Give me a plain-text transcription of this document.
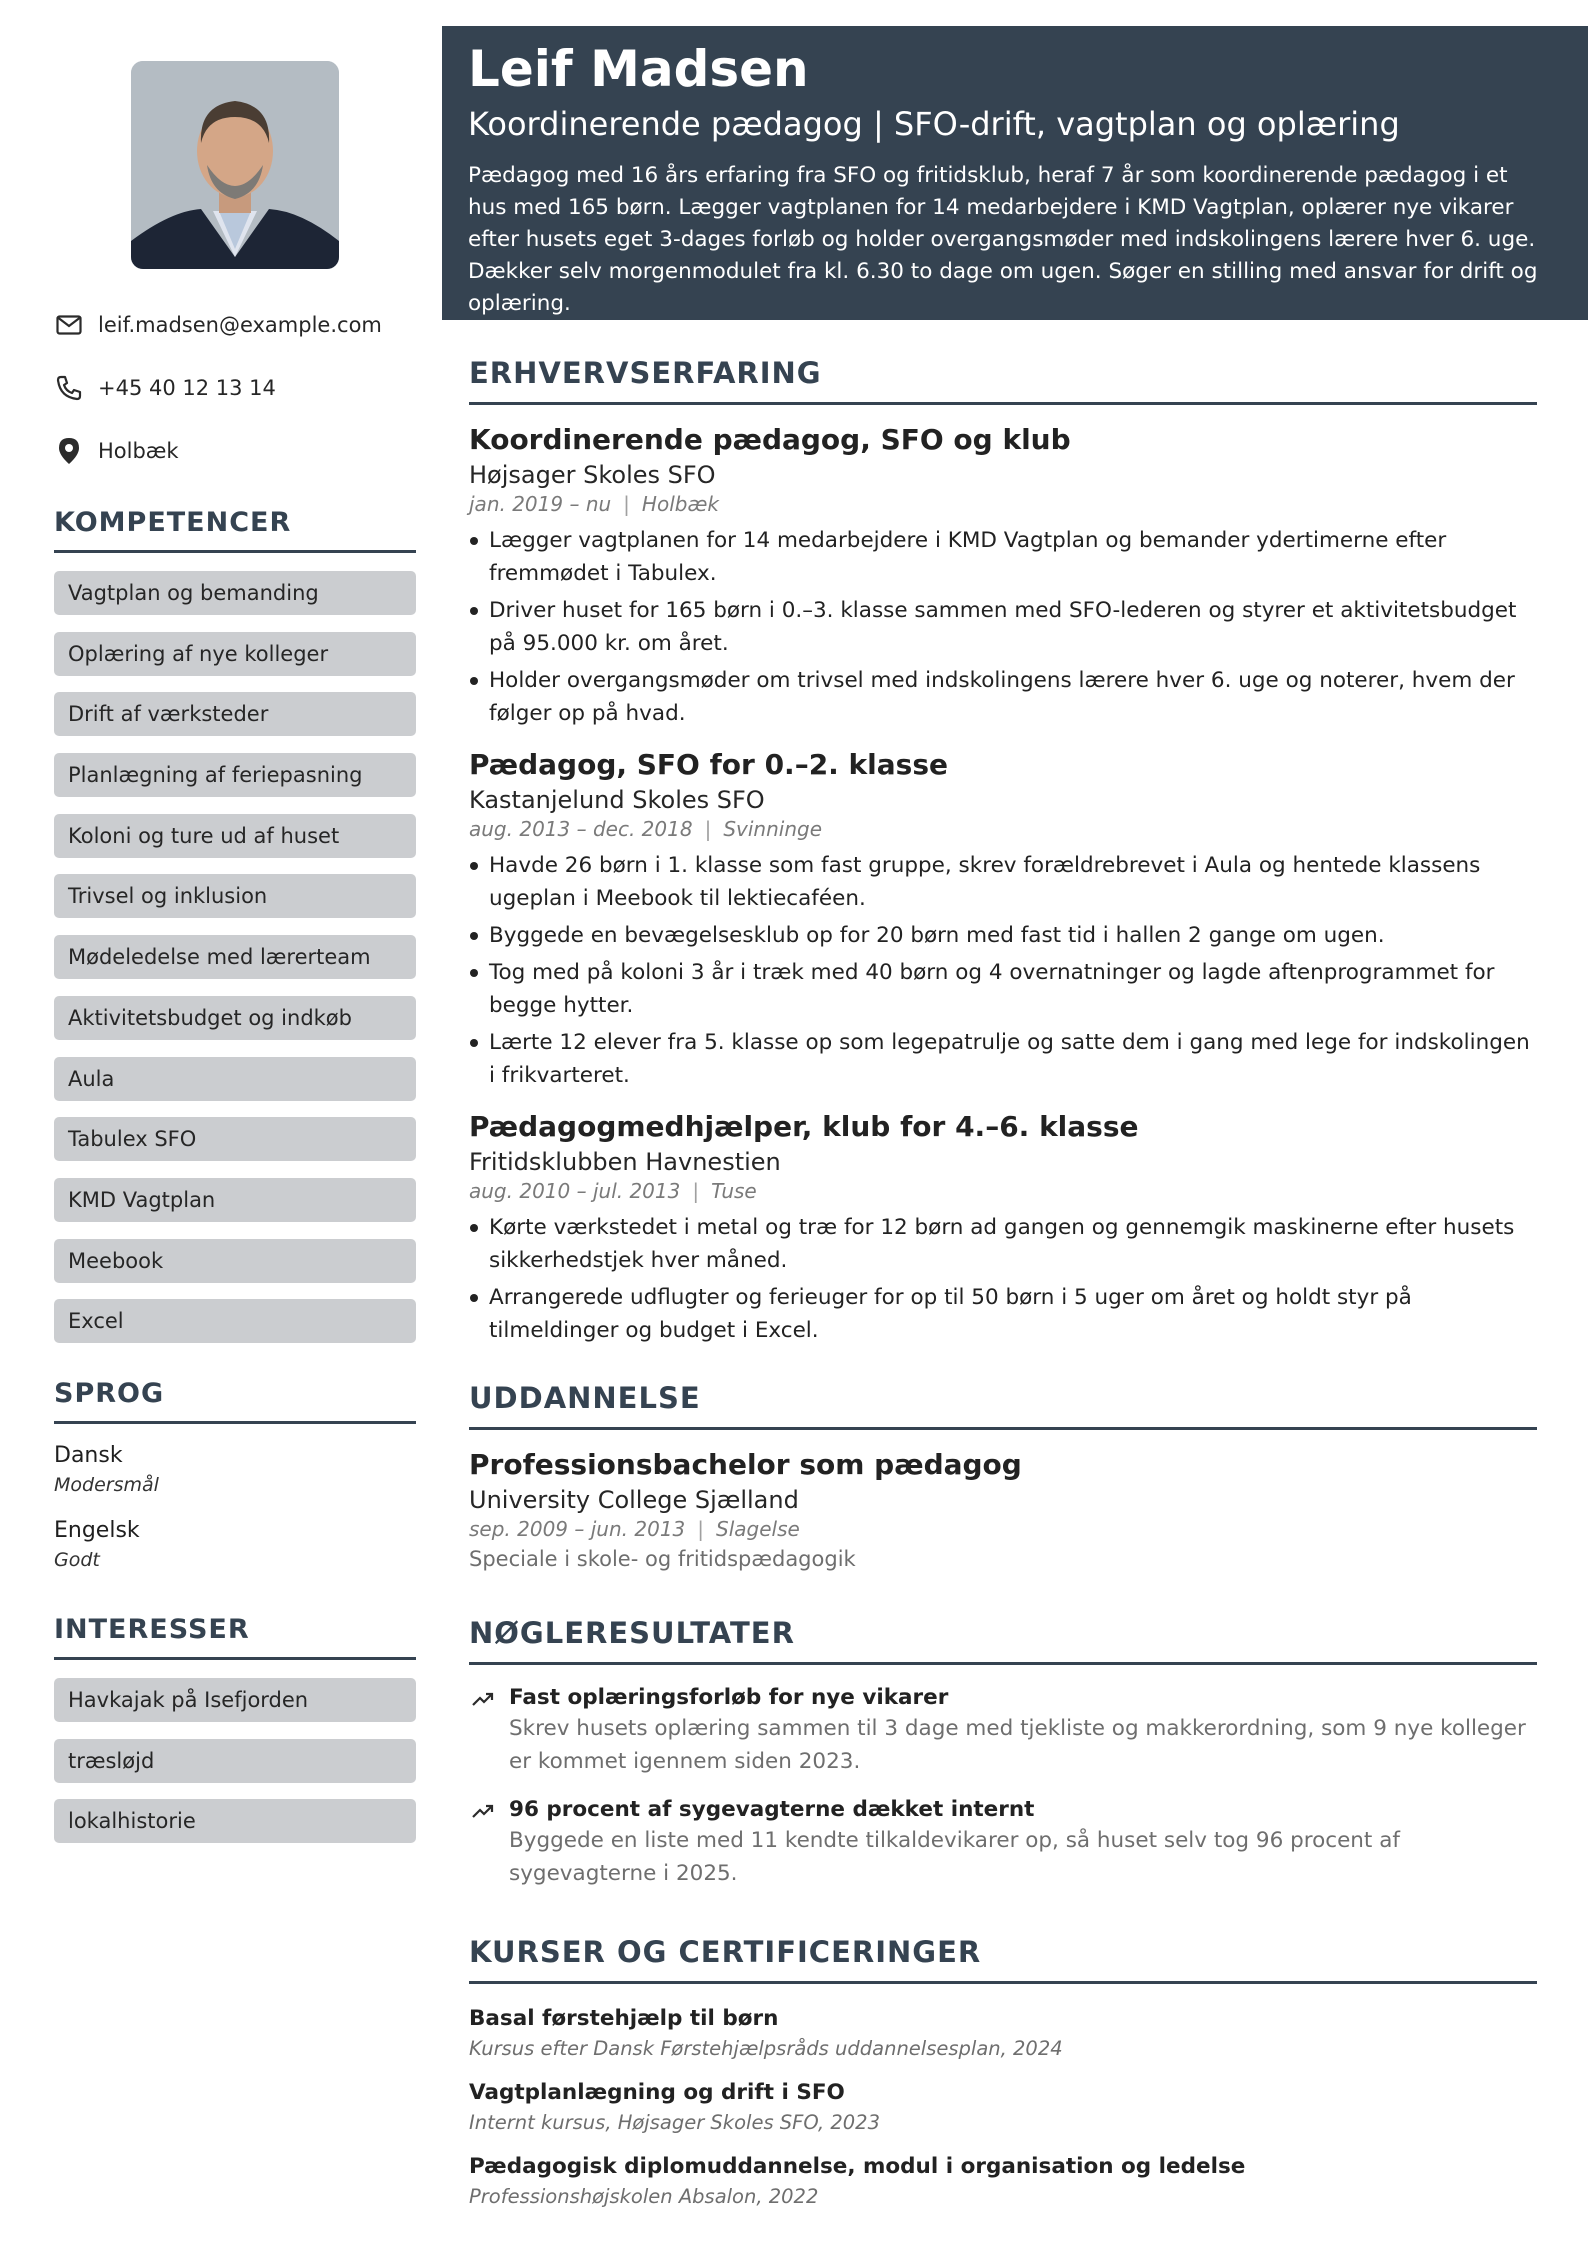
leif.madsen@example.com
+45 40 12 13 14
Holbæk
KOMPETENCER
Vagtplan og bemanding
Oplæring af nye kolleger
Drift af værksteder
Planlægning af feriepasning
Koloni og ture ud af huset
Trivsel og inklusion
Mødeledelse med lærerteam
Aktivitetsbudget og indkøb
Aula
Tabulex SFO
KMD Vagtplan
Meebook
Excel
SPROG
Dansk
Modersmål
Engelsk
Godt
INTERESSER
Havkajak på Isefjorden
træsløjd
lokalhistorie
Leif Madsen
Koordinerende pædagog | SFO-drift, vagtplan og oplæring
Pædagog med 16 års erfaring fra SFO og fritidsklub, heraf 7 år som koordinerende pædagog i et hus med 165 børn. Lægger vagtplanen for 14 medarbejdere i KMD Vagtplan, oplærer nye vikarer efter husets eget 3-dages forløb og holder overgangsmøder med indskolingens lærere hver 6. uge. Dækker selv morgenmodulet fra kl. 6.30 to dage om ugen. Søger en stilling med ansvar for drift og oplæring.
ERHVERVSERFARING
Koordinerende pædagog, SFO og klub
Højsager Skoles SFO
jan. 2019 – nu | Holbæk
Lægger vagtplanen for 14 medarbejdere i KMD Vagtplan og bemander ydertimerne efter fremmødet i Tabulex.
Driver huset for 165 børn i 0.–3. klasse sammen med SFO-lederen og styrer et aktivitetsbudget på 95.000 kr. om året.
Holder overgangsmøder om trivsel med indskolingens lærere hver 6. uge og noterer, hvem der følger op på hvad.
Pædagog, SFO for 0.–2. klasse
Kastanjelund Skoles SFO
aug. 2013 – dec. 2018 | Svinninge
Havde 26 børn i 1. klasse som fast gruppe, skrev forældrebrevet i Aula og hentede klassens ugeplan i Meebook til lektiecaféen.
Byggede en bevægelsesklub op for 20 børn med fast tid i hallen 2 gange om ugen.
Tog med på koloni 3 år i træk med 40 børn og 4 overnatninger og lagde aftenprogrammet for begge hytter.
Lærte 12 elever fra 5. klasse op som legepatrulje og satte dem i gang med lege for indskolingen i frikvarteret.
Pædagogmedhjælper, klub for 4.–6. klasse
Fritidsklubben Havnestien
aug. 2010 – jul. 2013 | Tuse
Kørte værkstedet i metal og træ for 12 børn ad gangen og gennemgik maskinerne efter husets sikkerhedstjek hver måned.
Arrangerede udflugter og ferieuger for op til 50 børn i 5 uger om året og holdt styr på tilmeldinger og budget i Excel.
UDDANNELSE
Professionsbachelor som pædagog
University College Sjælland
sep. 2009 – jun. 2013 | Slagelse
Speciale i skole- og fritidspædagogik
NØGLERESULTATER
Fast oplæringsforløb for nye vikarer
Skrev husets oplæring sammen til 3 dage med tjekliste og makkerordning, som 9 nye kolleger er kommet igennem siden 2023.
96 procent af sygevagterne dækket internt
Byggede en liste med 11 kendte tilkaldevikarer op, så huset selv tog 96 procent af sygevagterne i 2025.
KURSER OG CERTIFICERINGER
Basal førstehjælp til børn
Kursus efter Dansk Førstehjælpsråds uddannelsesplan, 2024
Vagtplanlægning og drift i SFO
Internt kursus, Højsager Skoles SFO, 2023
Pædagogisk diplomuddannelse, modul i organisation og ledelse
Professionshøjskolen Absalon, 2022
